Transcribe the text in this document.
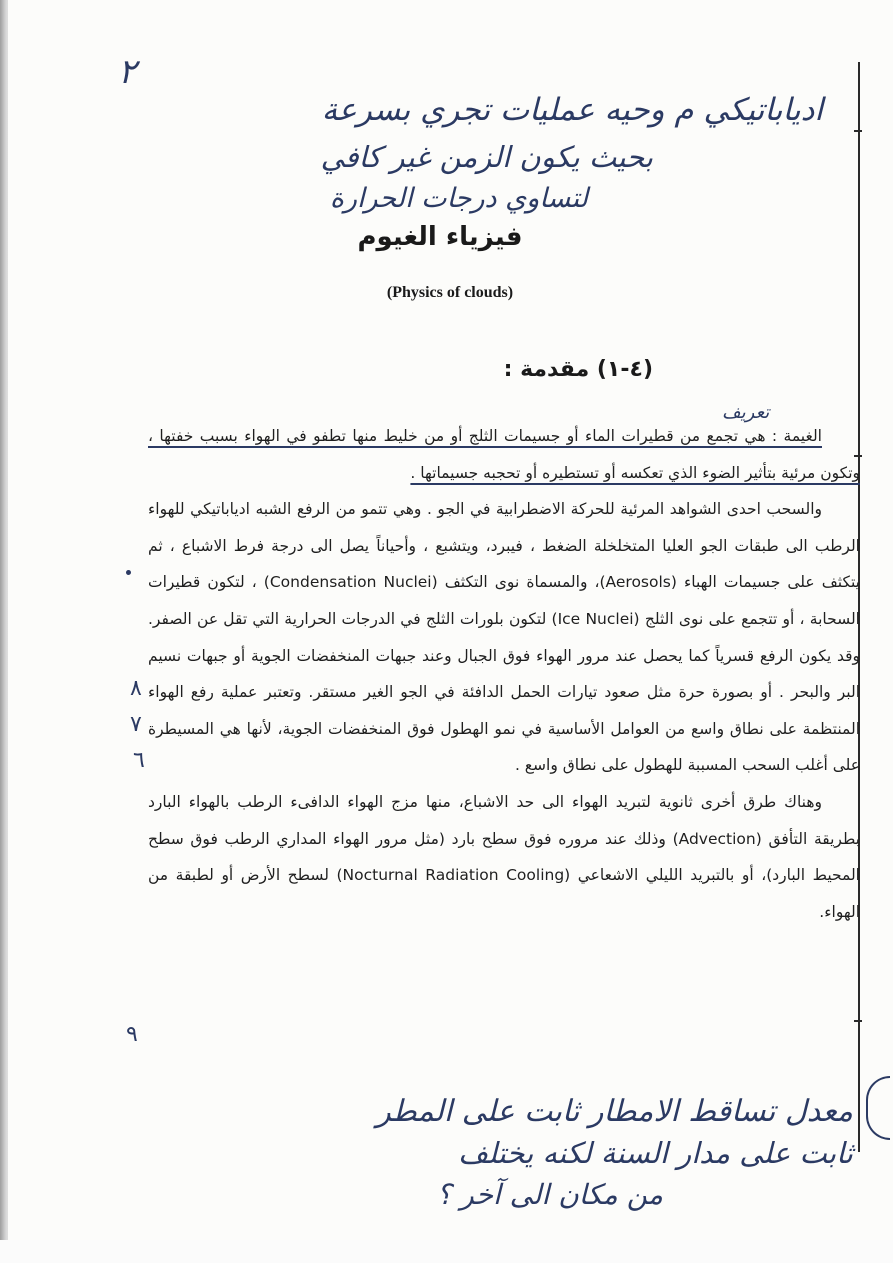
٢
ادیاباتیکي م وحيه عمليات تجري بسرعة
بحيث يكون الزمن غير كافي
لتساوي درجات الحرارة
فيزياء الغيوم
(Physics of clouds)
(٤-١) مقدمة :
تعريف

الغيمة : هي تجمع من قطيرات الماء أو جسيمات الثلج أو من خليط منها تطفو في الهواء بسبب خفتها ، وتكون مرئية بتأثير الضوء الذي تعكسه أو تستطيره أو تحجبه جسيماتها .

والسحب احدى الشواهد المرئية للحركة الاضطرابية في الجو . وهي تتمو من الرفع الشبه ادیاباتیكي للهواء الرطب الى طبقات الجو العليا المتخلخلة الضغط ، فيبرد، ويتشبع ، وأحياناً يصل الى درجة فرط الاشباع ، ثم يتكثف على جسيمات الهباء (Aerosols)، والمسماة نوى التكثف (Condensation Nuclei) ، لتكون قطيرات السحابة ، أو تتجمع على نوى الثلج (Ice Nuclei) لتكون بلورات الثلج في الدرجات الحرارية التي تقل عن الصفر. وقد يكون الرفع قسرياً كما يحصل عند مرور الهواء فوق الجبال وعند جبهات المنخفضات الجوية أو جبهات نسيم البر والبحر . أو بصورة حرة مثل صعود تيارات الحمل الدافئة في الجو الغير مستقر. وتعتبر عملية رفع الهواء المنتظمة على نطاق واسع من العوامل الأساسية في نمو الهطول فوق المنخفضات الجوية، لأنها هي المسيطرة على أغلب السحب المسببة للهطول على نطاق واسع .

وهناك طرق أخرى ثانوية لتبريد الهواء الى حد الاشباع، منها مزج الهواء الدافىء الرطب بالهواء البارد بطريقة التأفق (Advection) وذلك عند مروره فوق سطح بارد (مثل مرور الهواء المداري الرطب فوق سطح المحيط البارد)، أو بالتبريد الليلي الاشعاعي (Nocturnal Radiation Cooling) لسطح الأرض أو لطبقة من الهواء.

٨
٧
٦
٩
معدل تساقط الامطار ثابت على المطر
ثابت على مدار السنة لكنه يختلف
من مكان الى آخر ؟
